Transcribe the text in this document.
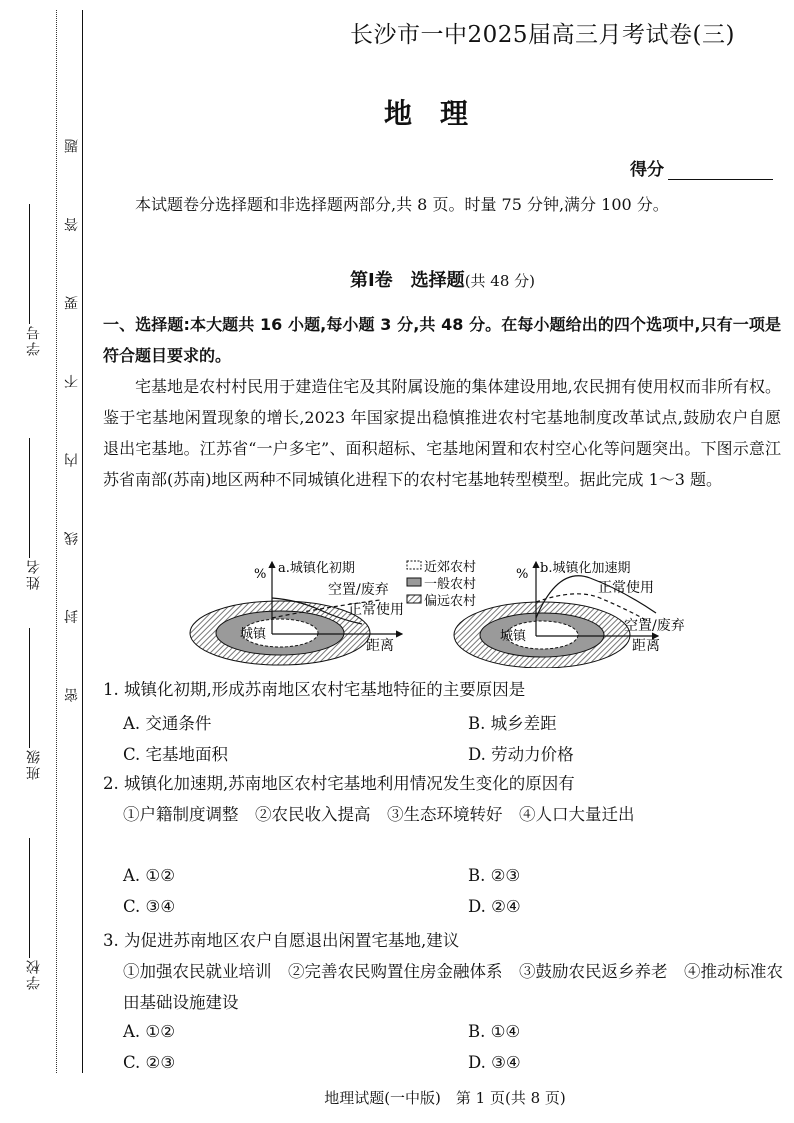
学号
姓名
班级
学校
密 封 线 内 不 要 答 题
长沙市一中2025届高三月考试卷(三)
地理
得分
本试题卷分选择题和非选择题两部分,共 8 页。时量 75 分钟,满分 100 分。
第Ⅰ卷　选择题(共 48 分)
一、选择题:本大题共 16 小题,每小题 3 分,共 48 分。在每小题给出的四个选项中,只有一项是符合题目要求的。
宅基地是农村村民用于建造住宅及其附属设施的集体建设用地,农民拥有使用权而非所有权。鉴于宅基地闲置现象的增长,2023 年国家提出稳慎推进农村宅基地制度改革试点,鼓励农户自愿退出宅基地。江苏省“一户多宅”、面积超标、宅基地闲置和农村空心化等问题突出。下图示意江苏省南部(苏南)地区两种不同城镇化进程下的农村宅基地转型模型。据此完成 1～3 题。
% a.城镇化初期
空置/废弃
正常使用
城镇
距离
近郊农村
一般农村
偏远农村
% b.城镇化加速期
正常使用
空置/废弃
城镇
距离
1. 城镇化初期,形成苏南地区农村宅基地特征的主要原因是
A. 交通条件	B. 城乡差距
C. 宅基地面积	D. 劳动力价格
2. 城镇化加速期,苏南地区农村宅基地利用情况发生变化的原因有
①户籍制度调整　②农民收入提高　③生态环境转好　④人口大量迁出
A. ①②	B. ②③
C. ③④	D. ②④
3. 为促进苏南地区农户自愿退出闲置宅基地,建议
①加强农民就业培训　②完善农民购置住房金融体系　③鼓励农民返乡养老　④推动标准农田基础设施建设
A. ①②	B. ①④
C. ②③	D. ③④
地理试题(一中版)　第 1 页(共 8 页)
